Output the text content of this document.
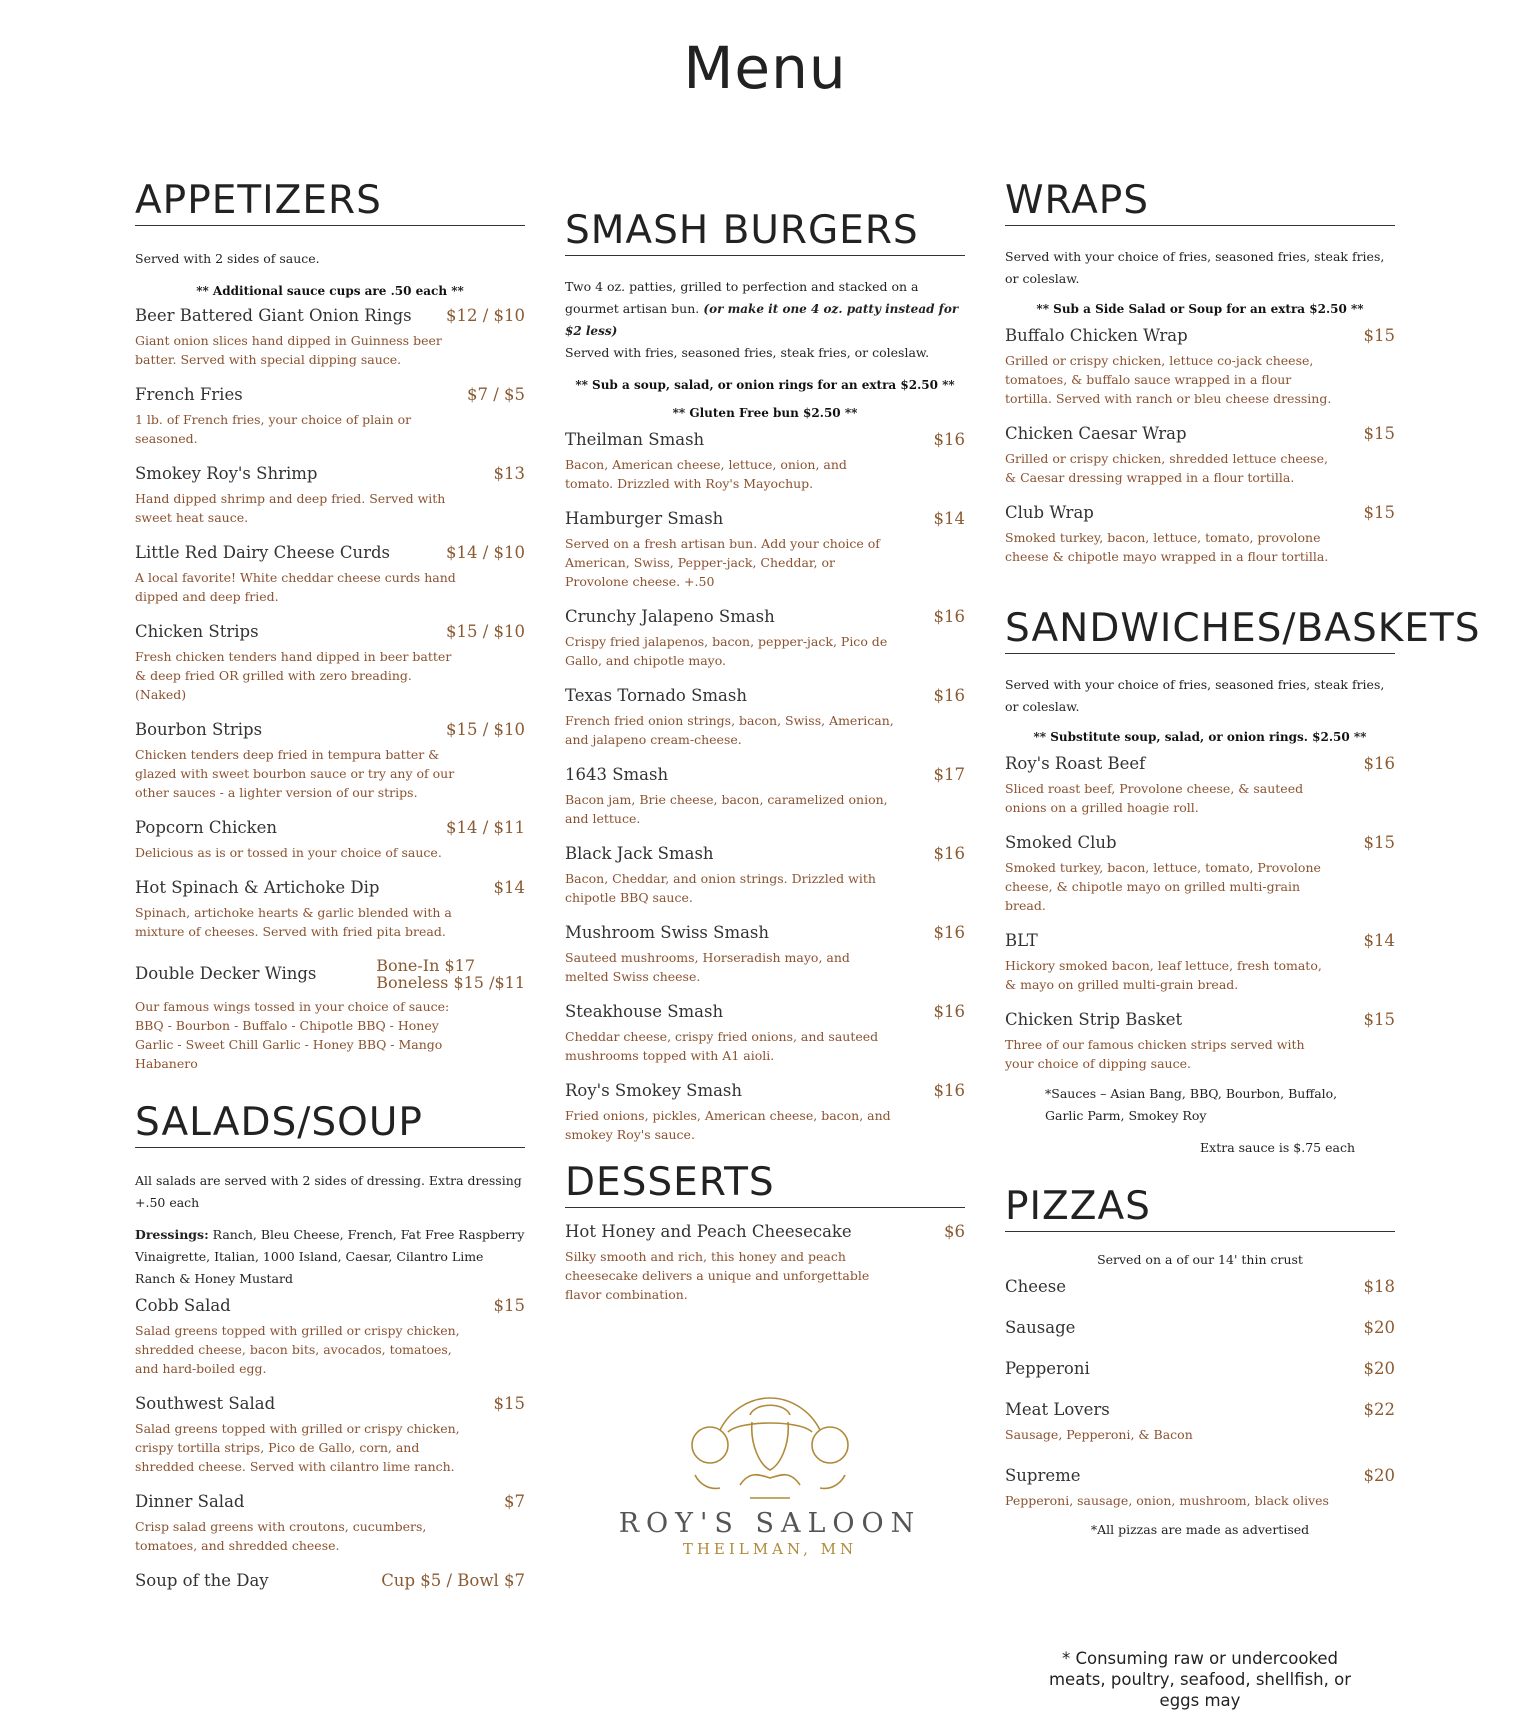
Menu
APPETIZERS
Served with 2 sides of sauce.
** Additional sauce cups are .50 each **
Beer Battered Giant Onion Rings $12 / $10
Giant onion slices hand dipped in Guinness beer batter. Served with special dipping sauce.
French Fries	$7 / $5
1 lb. of French fries, your choice of plain or seasoned.
Smokey Roy's Shrimp	$13
Hand dipped shrimp and deep fried. Served with sweet heat sauce.
Little Red Dairy Cheese Curds	$14 / $10
A local favorite! White cheddar cheese curds hand dipped and deep fried.
Chicken Strips	$15 / $10
Fresh chicken tenders hand dipped in beer batter & deep fried OR grilled with zero breading. (Naked)
Bourbon Strips	$15 / $10
Chicken tenders deep fried in tempura batter & glazed with sweet bourbon sauce or try any of our other sauces - a lighter version of our strips.
Popcorn Chicken	$14 / $11
Delicious as is or tossed in your choice of sauce.
Hot Spinach & Artichoke Dip	$14
Spinach, artichoke hearts & garlic blended with a mixture of cheeses. Served with fried pita bread.
Double Decker Wings	Bone-In $17
Boneless $15 /$11
Our famous wings tossed in your choice of sauce: BBQ - Bourbon - Buffalo - Chipotle BBQ - Honey Garlic - Sweet Chill Garlic - Honey BBQ - Mango Habanero
SALADS/SOUP
All salads are served with 2 sides of dressing. Extra dressing +.50 each
Dressings: Ranch, Bleu Cheese, French, Fat Free Raspberry Vinaigrette, Italian, 1000 Island, Caesar, Cilantro Lime Ranch & Honey Mustard
Cobb Salad	$15
Salad greens topped with grilled or crispy chicken, shredded cheese, bacon bits, avocados, tomatoes, and hard-boiled egg.
Southwest Salad	$15
Salad greens topped with grilled or crispy chicken, crispy tortilla strips, Pico de Gallo, corn, and shredded cheese. Served with cilantro lime ranch.
Dinner Salad	$7
Crisp salad greens with croutons, cucumbers, tomatoes, and shredded cheese.
Soup of the Day	Cup $5 / Bowl $7
SMASH BURGERS
Two 4 oz. patties, grilled to perfection and stacked on a gourmet artisan bun. (or make it one 4 oz. patty instead for $2 less)
Served with fries, seasoned fries, steak fries, or coleslaw.
** Sub a soup, salad, or onion rings for an extra $2.50 **
** Gluten Free bun $2.50 **
Theilman Smash	$16
Bacon, American cheese, lettuce, onion, and tomato. Drizzled with Roy's Mayochup.
Hamburger Smash	$14
Served on a fresh artisan bun. Add your choice of American, Swiss, Pepper-jack, Cheddar, or Provolone cheese. +.50
Crunchy Jalapeno Smash	$16
Crispy fried jalapenos, bacon, pepper-jack, Pico de Gallo, and chipotle mayo.
Texas Tornado Smash	$16
French fried onion strings, bacon, Swiss, American, and jalapeno cream-cheese.
1643 Smash	$17
Bacon jam, Brie cheese, bacon, caramelized onion, and lettuce.
Black Jack Smash	$16
Bacon, Cheddar, and onion strings. Drizzled with chipotle BBQ sauce.
Mushroom Swiss Smash	$16
Sauteed mushrooms, Horseradish mayo, and melted Swiss cheese.
Steakhouse Smash	$16
Cheddar cheese, crispy fried onions, and sauteed mushrooms topped with A1 aioli.
Roy's Smokey Smash	$16
Fried onions, pickles, American cheese, bacon, and smokey Roy's sauce.
DESSERTS
Hot Honey and Peach Cheesecake	$6
Silky smooth and rich, this honey and peach cheesecake delivers a unique and unforgettable flavor combination.
ROY'S SALOON
THEILMAN, MN
WRAPS
Served with your choice of fries, seasoned fries, steak fries, or coleslaw.
** Sub a Side Salad or Soup for an extra $2.50 **
Buffalo Chicken Wrap	$15
Grilled or crispy chicken, lettuce co-jack cheese, tomatoes, & buffalo sauce wrapped in a flour tortilla. Served with ranch or bleu cheese dressing.
Chicken Caesar Wrap	$15
Grilled or crispy chicken, shredded lettuce cheese, & Caesar dressing wrapped in a flour tortilla.
Club Wrap	$15
Smoked turkey, bacon, lettuce, tomato, provolone cheese & chipotle mayo wrapped in a flour tortilla.
SANDWICHES/BASKETS
Served with your choice of fries, seasoned fries, steak fries, or coleslaw.
** Substitute soup, salad, or onion rings. $2.50 **
Roy's Roast Beef	$16
Sliced roast beef, Provolone cheese, & sauteed onions on a grilled hoagie roll.
Smoked Club	$15
Smoked turkey, bacon, lettuce, tomato, Provolone cheese, & chipotle mayo on grilled multi-grain bread.
BLT	$14
Hickory smoked bacon, leaf lettuce, fresh tomato, & mayo on grilled multi-grain bread.
Chicken Strip Basket	$15
Three of our famous chicken strips served with your choice of dipping sauce.
*Sauces – Asian Bang, BBQ, Bourbon, Buffalo, Garlic Parm, Smokey Roy
Extra sauce is $.75 each
PIZZAS
Served on a of our 14' thin crust
Cheese	$18
Sausage	$20
Pepperoni	$20
Meat Lovers	$22
Sausage, Pepperoni, & Bacon
Supreme	$20
Pepperoni, sausage, onion, mushroom, black olives
*All pizzas are made as advertised
* Consuming raw or undercooked meats, poultry, seafood, shellfish, or eggs may
